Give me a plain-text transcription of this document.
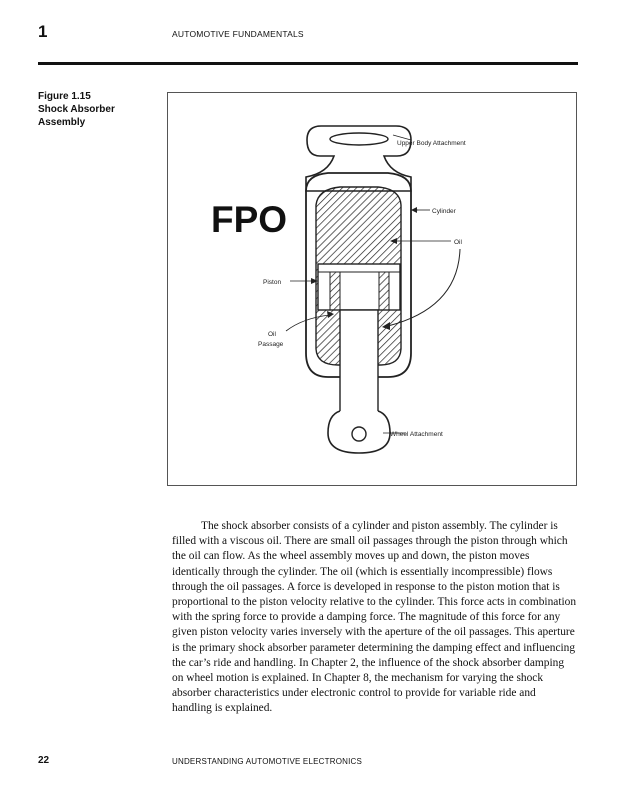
1	AUTOMOTIVE FUNDAMENTALS
Figure 1.15
Shock Absorber
Assembly
Upper Body Attachment
Cylinder
Oil
Piston
Oil
Passage
Wheel Attachment
FPO

The shock absorber consists of a cylinder and piston assembly. The cylinder is filled with a viscous oil. There are small oil passages through the piston through which the oil can flow. As the wheel assembly moves up and down, the piston moves identically through the cylinder. The oil (which is essentially incompressible) flows through the oil passages. A force is developed in response to the piston motion that is proportional to the piston velocity relative to the cylinder. This force acts in combination with the spring force to provide a damping force. The magnitude of this force for any given piston velocity varies inversely with the aperture of the oil passages. This aperture is the primary shock absorber parameter determining the damping effect and influencing the car’s ride and handling. In Chapter 2, the influence of the shock absorber damping on wheel motion is explained. In Chapter 8, the mechanism for varying the shock absorber characteristics under electronic control to provide for variable ride and handling is explained.

22	UNDERSTANDING AUTOMOTIVE ELECTRONICS
